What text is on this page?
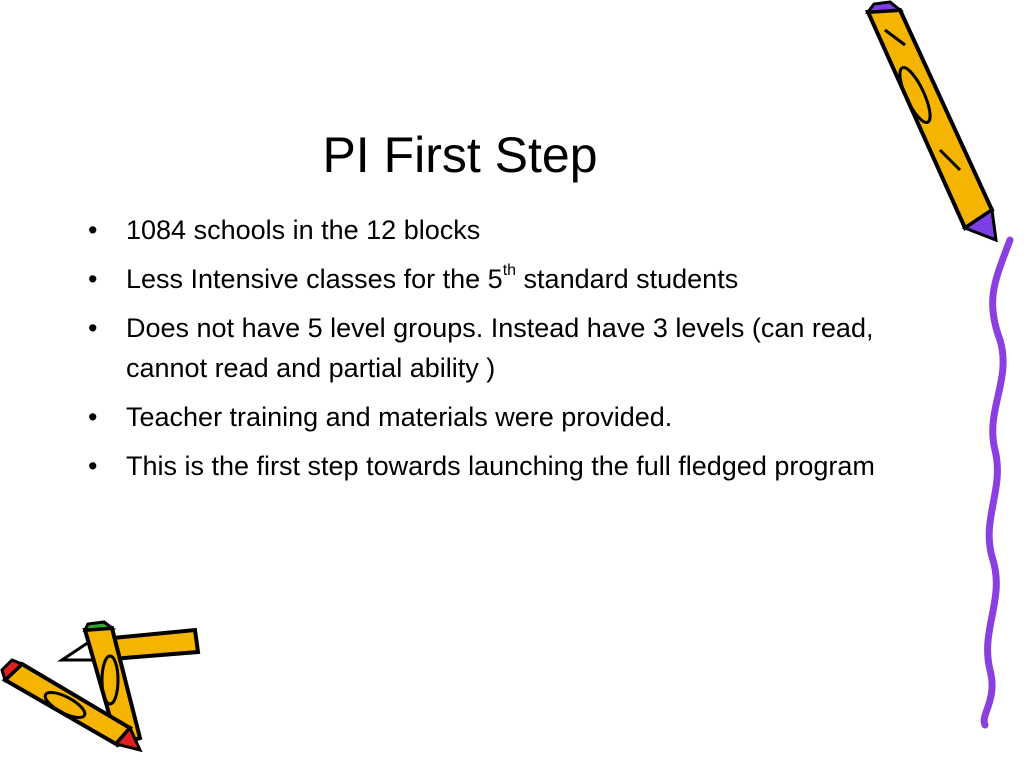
PI First Step
• 1084 schools in the 12 blocks
• Less Intensive classes for the 5th standard students
• Does not have 5 level groups. Instead have 3 levels (can read, cannot read and partial ability )
• Teacher training and materials were provided.
• This is the first step towards launching the full fledged program
